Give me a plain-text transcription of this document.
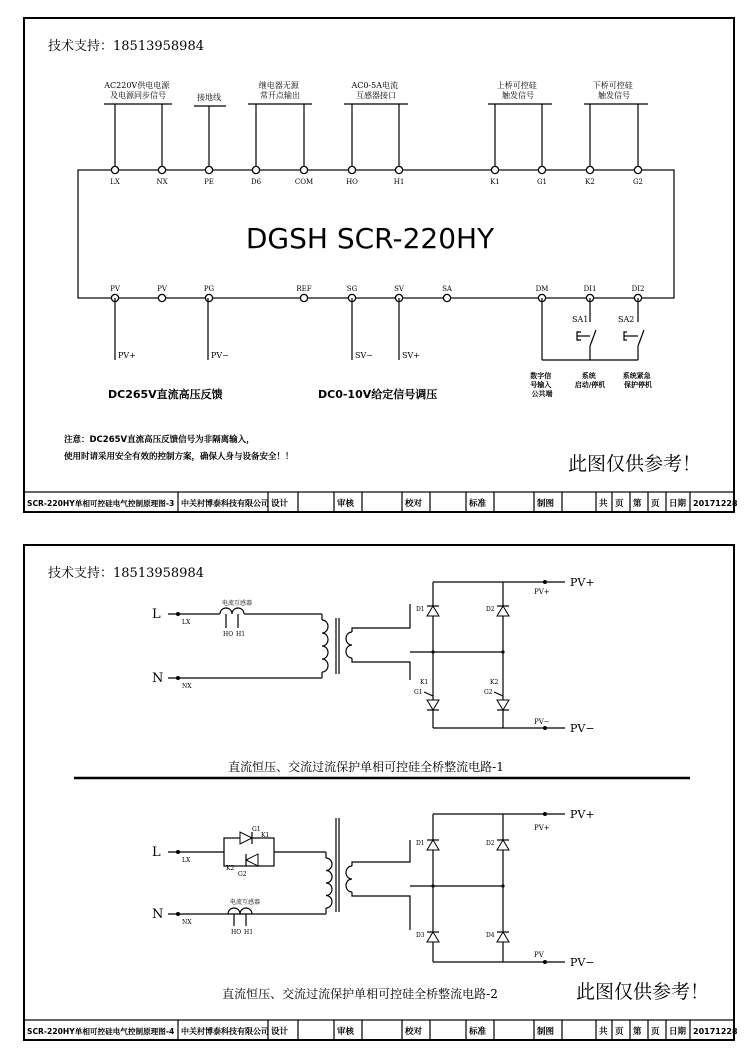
技术支持：18513958984
DGSH SCR-220HY
AC220V供电电源 及电源同步信号	接地线
继电器无源 常开点输出
AC0-5A电流 互感器接口
上桥可控硅 触发信号
下桥可控硅 触发信号
LX	NX	PE	D6	COM	HO	H1	K1	G1	K2	G2
PV	PV	PG	REF	SG	SV	SA	DM	DI1	DI2
PV+	PV−	SV−	SV+
SA1	SA2
DC265V直流高压反馈	DC0-10V给定信号调压
数字信 号输入 公共端
系统 启动/停机
系统紧急 保护停机
注意：DC265V直流高压反馈信号为非隔离输入，
使用时请采用安全有效的控制方案，确保人身与设备安全！！	此图仅供参考！
SCR-220HY单相可控硅电气控制原理图-3 中关村博泰科技有限公司 设计	审核	校对	标准	制图	共 页 第 页 日期 20171228
技术支持：18513958984
L
N
LX
电流互感器
HO H1
NX
PV+
PV−
PV+
PV−
D1	D2
K1
G1
K2
G2
直流恒压、交流过流保护单相可控硅全桥整流电路-1
L
N
LX
G1
K1
K2
G2
NX
电流互感器
HO H1
PV+
PV−
PV+
PV
D1	D2
D3	D4
直流恒压、交流过流保护单相可控硅全桥整流电路-2	此图仅供参考！
SCR-220HY单相可控硅电气控制原理图-4 中关村博泰科技有限公司 设计	审核	校对	标准	制图	共 页 第 页 日期 20171228
